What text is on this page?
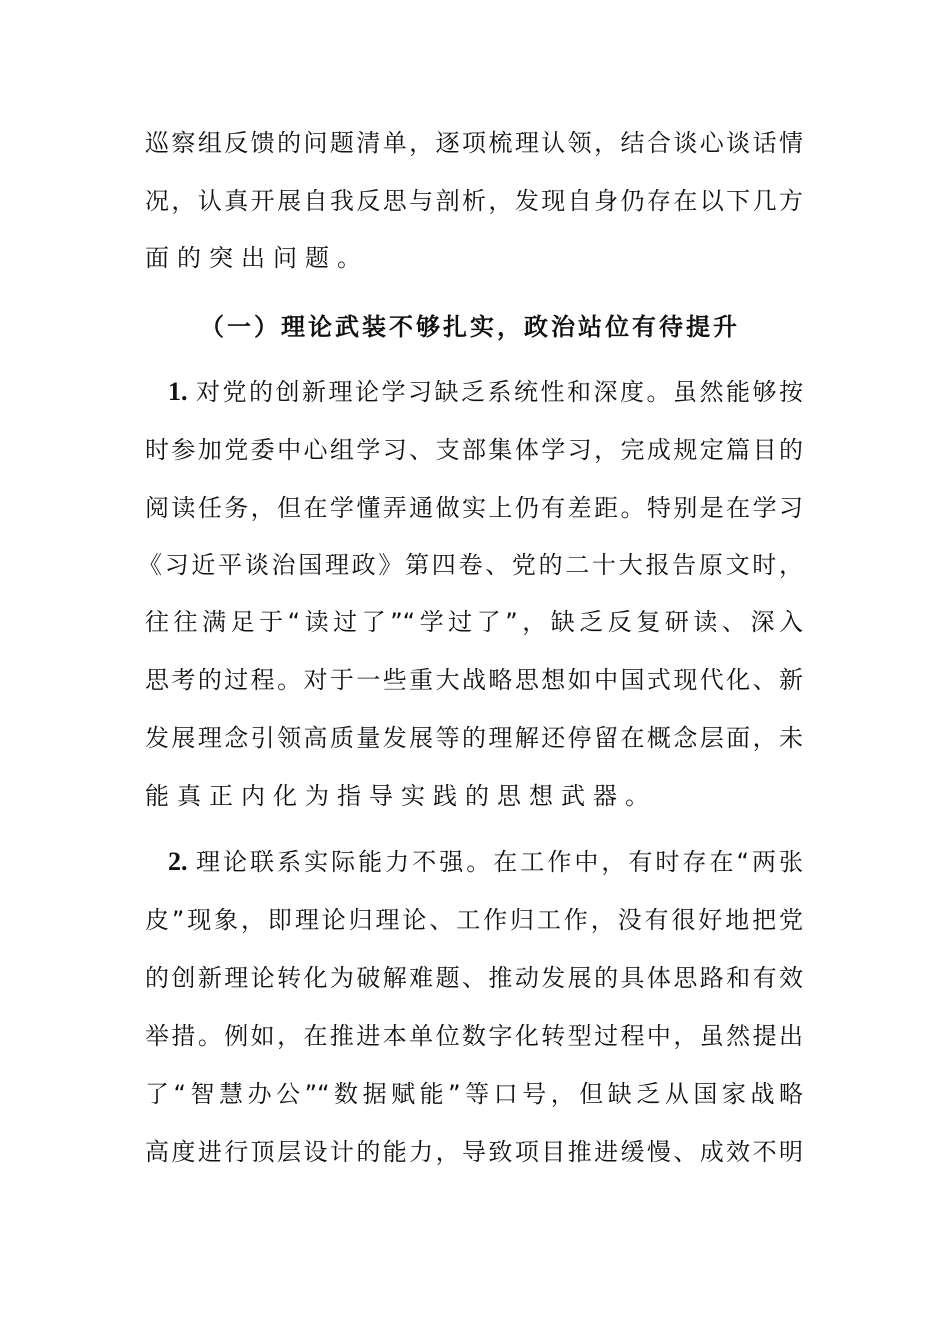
巡察组反馈的问题清单，逐项梳理认领，结合谈心谈话情
况，认真开展自我反思与剖析，发现自身仍存在以下几方
面的突出问题。
（一）理论武装不够扎实，政治站位有待提升
1. 对党的创新理论学习缺乏系统性和深度。虽然能够按
时参加党委中心组学习、支部集体学习，完成规定篇目的
阅读任务，但在学懂弄通做实上仍有差距。特别是在学习
《习近平谈治国理政》第四卷、党的二十大报告原文时，
往往满足于“读过了”“学过了”，缺乏反复研读、深入
思考的过程。对于一些重大战略思想如中国式现代化、新
发展理念引领高质量发展等的理解还停留在概念层面，未
能真正内化为指导实践的思想武器。
2. 理论联系实际能力不强。在工作中，有时存在“两张
皮”现象，即理论归理论、工作归工作，没有很好地把党
的创新理论转化为破解难题、推动发展的具体思路和有效
举措。例如，在推进本单位数字化转型过程中，虽然提出
了“智慧办公”“数据赋能”等口号，但缺乏从国家战略
高度进行顶层设计的能力，导致项目推进缓慢、成效不明
